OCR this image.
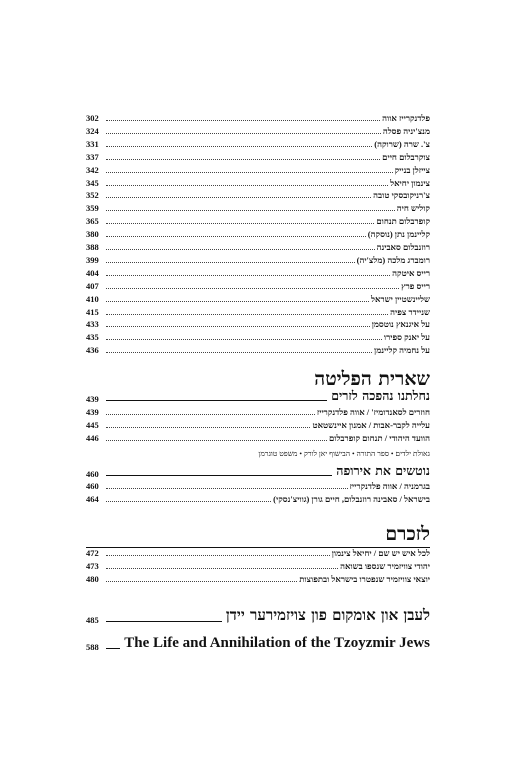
302	פלדנקרייז אווה
324	מנצ'יניה פסלה
331	צ'. שרה (שרוקה)
337	צוקרבלום חיים
342	צייזלן בנייק
345	צינמון יחיאל
352	צ'רניקובסקי טובה
359	קוליש חיה
365	קופרבלום תנחום
380	קליינמן נתן (נוסקה)
388	רוזנבלום סאבינה
399	רומברג מלכה (מלצ'יה)
404	רייס איטקה
407	רייס פרץ
410	שליינשטיין ישראל
415	שניידר צפיה
433	על איגנאץ נוטסמן
435	על יאנק ספירו
436	על נחמיה קליינמן
שארית הפליטה
439	נחלתנו נהפכה לזרים
439	חוזרים לסאנדומיז' / אווה פלדנקרייז
445	עלייה לקבר-אבות / אמנון איינשטאט
446	הוועד היהודי / תנחום קופרבלום
גאולת ילדים • ספר התורה • הבישוף יאן לורק • משפט טוגרמן
460	נוטשים את אירופה
460	בגרמניה / אווה פלדנקרייז
464	בישראל / סאבינה רוזנבלום, חיים גורן (גוויצ'נסקי)
לזכרם
472	לכל איש יש שם / יחיאל צינמון
473	יהודי צוויזמיר שנספו בשואה
480	יוצאי צוויזמיר שנפטרו בישראל ובתפוצות
485	לעבן און אומקום פון צויזמירער יידן
588	The Life and Annihilation of the Tzoyzmir Jews
